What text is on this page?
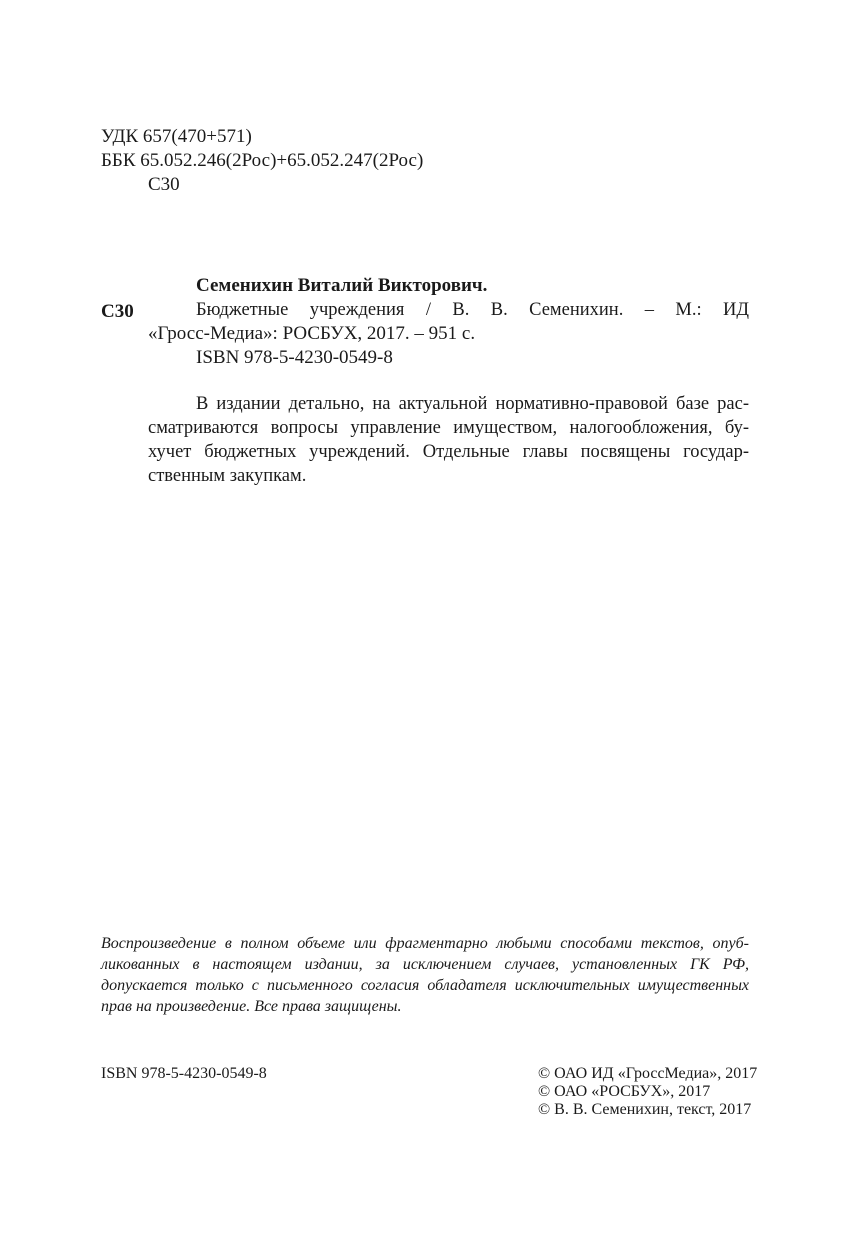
УДК 657(470+571)
ББК 65.052.246(2Рос)+65.052.247(2Рос)
С30
Семенихин Виталий Викторович.
С30	Бюджетные учреждения / В. В. Семенихин. – М.: ИД
«Гросс-Медиа»: РОСБУХ, 2017. – 951 с.
ISBN 978-5-4230-0549-8
В издании детально, на актуальной нормативно-правовой базе рас-
сматриваются вопросы управление имуществом, налогообложения, бу-
хучет бюджетных учреждений. Отдельные главы посвящены государ-
ственным закупкам.
Воспроизведение в полном объеме или фрагментарно любыми способами текстов, опуб-
ликованных в настоящем издании, за исключением случаев, установленных ГК РФ,
допускается только с письменного согласия обладателя исключительных имущественных
прав на произведение. Все права защищены.
ISBN 978-5-4230-0549-8	© ОАО ИД «ГроссМедиа», 2017
© ОАО «РОСБУХ», 2017
© В. В. Семенихин, текст, 2017
